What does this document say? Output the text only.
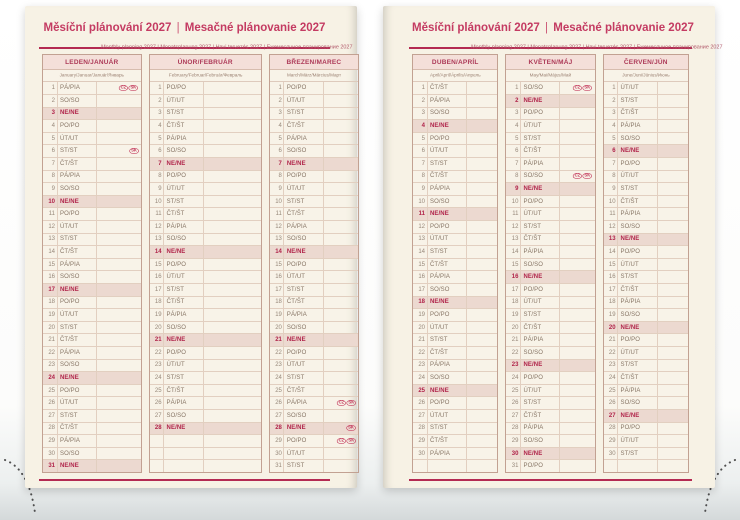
Měsíční plánování 2027 | Mesačné plánovanie 2027
Monthly planning 2027 | Monatsplanung 2027 | Havi tervezés 2027 | Ежемесячное планирование 2027
LEDEN/JANUÁR
January/Januar/Január/Январь
1 PÁ/PIA	CZ SK
2 SO/SO
3 NE/NE
4 PO/PO
5 ÚT/UT
6 ST/ST	SK
7 ČT/ŠT
8 PÁ/PIA
9 SO/SO
10 NE/NE
11 PO/PO
12 ÚT/UT
13 ST/ST
14 ČT/ŠT
15 PÁ/PIA
16 SO/SO
17 NE/NE
18 PO/PO
19 ÚT/UT
20 ST/ST
21 ČT/ŠT
22 PÁ/PIA
23 SO/SO
24 NE/NE
25 PO/PO
26 ÚT/UT
27 ST/ST
28 ČT/ŠT
29 PÁ/PIA
30 SO/SO
31 NE/NE
ÚNOR/FEBRUÁR
February/Februar/Február/Февраль
1 PO/PO
2 ÚT/UT
3 ST/ST
4 ČT/ŠT
5 PÁ/PIA
6 SO/SO
7 NE/NE
8 PO/PO
9 ÚT/UT
10 ST/ST
11 ČT/ŠT
12 PÁ/PIA
13 SO/SO
14 NE/NE
15 PO/PO
16 ÚT/UT
17 ST/ST
18 ČT/ŠT
19 PÁ/PIA
20 SO/SO
21 NE/NE
22 PO/PO
23 ÚT/UT
24 ST/ST
25 ČT/ŠT
26 PÁ/PIA
27 SO/SO
28 NE/NE
BŘEZEN/MAREC
March/März/Március/Март
1 PO/PO
2 ÚT/UT
3 ST/ST
4 ČT/ŠT
5 PÁ/PIA
6 SO/SO
7 NE/NE
8 PO/PO
9 ÚT/UT
10 ST/ST
11 ČT/ŠT
12 PÁ/PIA
13 SO/SO
14 NE/NE
15 PO/PO
16 ÚT/UT
17 ST/ST
18 ČT/ŠT
19 PÁ/PIA
20 SO/SO
21 NE/NE
22 PO/PO
23 ÚT/UT
24 ST/ST
25 ČT/ŠT
26 PÁ/PIA	CZ SK
27 SO/SO
28 NE/NE	SK
29 PO/PO	CZ SK
30 ÚT/UT
31 ST/ST
Měsíční plánování 2027 | Mesačné plánovanie 2027
Monthly planning 2027 | Monatsplanung 2027 | Havi tervezés 2027 | Ежемесячное планирование 2027
DUBEN/APRÍL
April/April/Április/Апрель
1 ČT/ŠT
2 PÁ/PIA
3 SO/SO
4 NE/NE
5 PO/PO
6 ÚT/UT
7 ST/ST
8 ČT/ŠT
9 PÁ/PIA
10 SO/SO
11 NE/NE
12 PO/PO
13 ÚT/UT
14 ST/ST
15 ČT/ŠT
16 PÁ/PIA
17 SO/SO
18 NE/NE
19 PO/PO
20 ÚT/UT
21 ST/ST
22 ČT/ŠT
23 PÁ/PIA
24 SO/SO
25 NE/NE
26 PO/PO
27 ÚT/UT
28 ST/ST
29 ČT/ŠT
30 PÁ/PIA
KVĚTEN/MÁJ
May/Mai/Május/Май
1 SO/SO	CZ SK
2 NE/NE
3 PO/PO
4 ÚT/UT
5 ST/ST
6 ČT/ŠT
7 PÁ/PIA
8 SO/SO	CZ SK
9 NE/NE
10 PO/PO
11 ÚT/UT
12 ST/ST
13 ČT/ŠT
14 PÁ/PIA
15 SO/SO
16 NE/NE
17 PO/PO
18 ÚT/UT
19 ST/ST
20 ČT/ŠT
21 PÁ/PIA
22 SO/SO
23 NE/NE
24 PO/PO
25 ÚT/UT
26 ST/ST
27 ČT/ŠT
28 PÁ/PIA
29 SO/SO
30 NE/NE
31 PO/PO
ČERVEN/JÚN
June/Juni/Június/Июнь
1 ÚT/UT
2 ST/ST
3 ČT/ŠT
4 PÁ/PIA
5 SO/SO
6 NE/NE
7 PO/PO
8 ÚT/UT
9 ST/ST
10 ČT/ŠT
11 PÁ/PIA
12 SO/SO
13 NE/NE
14 PO/PO
15 ÚT/UT
16 ST/ST
17 ČT/ŠT
18 PÁ/PIA
19 SO/SO
20 NE/NE
21 PO/PO
22 ÚT/UT
23 ST/ST
24 ČT/ŠT
25 PÁ/PIA
26 SO/SO
27 NE/NE
28 PO/PO
29 ÚT/UT
30 ST/ST
